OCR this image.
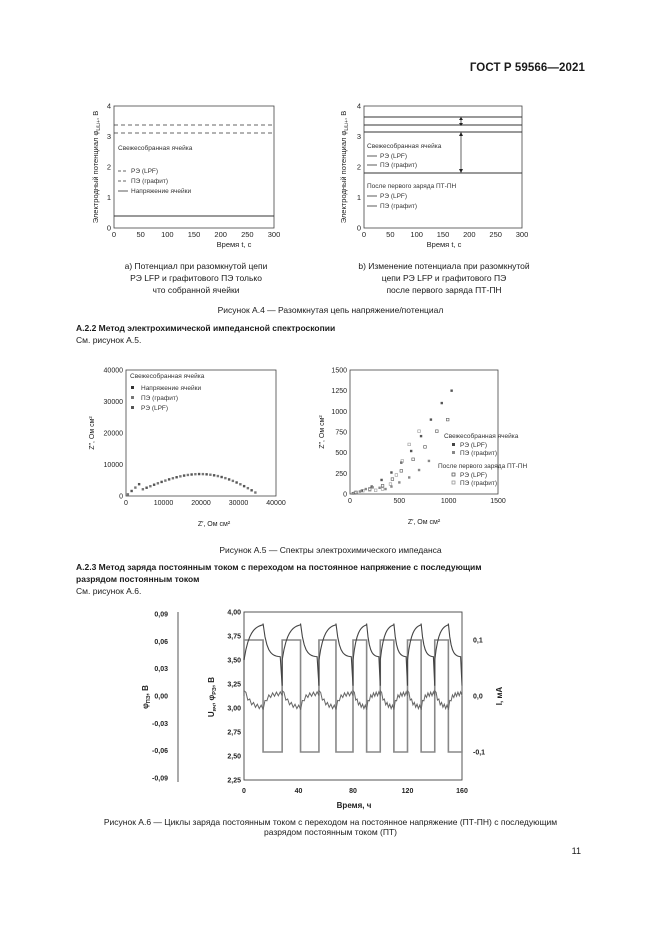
ГОСТ Р 59566—2021
4
3
2
1
0
0	50 100 150 200 250 300
Свежесобранная ячейка
РЭ (LPF)
ПЭ (графит)
Напряжение ячейки
Время t, с
Электродный потенциал $\varphi_{LiLi+}$, В
4
3
2
1
0
0	50 100 150 200 250 300
Свежесобранная ячейка
РЭ (LPF)
ПЭ (графит)
После первого заряда ПТ-ПН
РЭ (LPF)
ПЭ (графит)
Время t, с
Электродный потенциал $\varphi_{LiLi+}$, В
a) Потенциал при разомкнутой цепи
РЭ LFP и графитового ПЭ только
что собранной ячейки
b) Изменение потенциала при разомкнутой
цепи РЭ LFP и графитового ПЭ
после первого заряда ПТ-ПН
Рисунок А.4 — Разомкнутая цепь напряжение/потенциал
А.2.2 Метод электрохимической импедансной спектроскопии
См. рисунок А.5.
40000
30000
20000
10000
0
0	10000	20000	30000	40000
Свежесобранная ячейка
Напряжение ячейки
ПЭ (графит)
РЭ (LPF)
Z″, Ом см²
Z′, Ом см²
1500
1250
1000
750
500
250
0
0	500	1000	1500
Свежесобранная ячейка
РЭ (LPF)
ПЭ (графит)
После первого заряда ПТ-ПН
РЭ (LPF)
ПЭ (графит)
Z″, Ом см²
Z′, Ом см²
Рисунок А.5 — Спектры электрохимического импеданса
А.2.3 Метод заряда постоянным током с переходом на постоянное напряжение с последующим
разрядом постоянным током
См. рисунок А.6.
0,09
0,06
0,03
0,00
-0,03
-0,06
-0,09
4,00
3,75
3,50
3,25
3,00
2,75
2,50
2,25
0,1
0,0
-0,1
0	40	80	120	160
$\varphi_{ПЭ}$, В
$U_{яч}$, $\varphi_{РЭ}$, В
I, мА
Время, ч
Рисунок А.6 — Циклы заряда постоянным током с переходом на постоянное напряжение (ПТ-ПН) с последующим
разрядом постоянным током (ПТ)
11
